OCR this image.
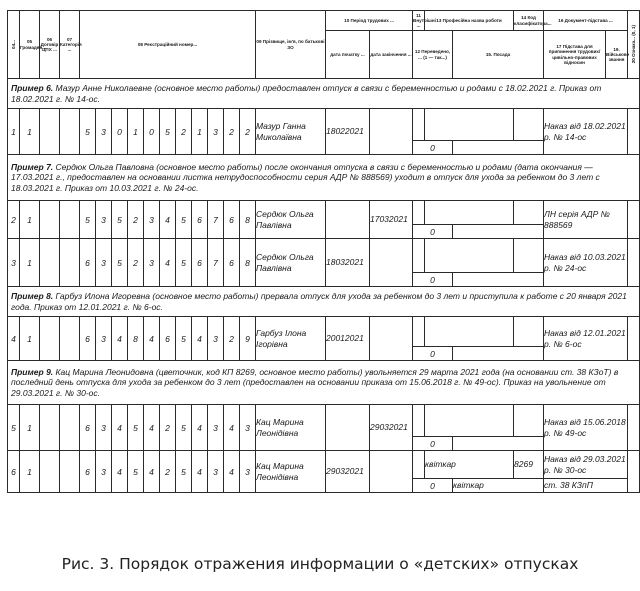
04...	05 Громадян...	06 Договір ЦПХ ...	07 Категорія ...	08 Реєстраційний номер...											09 Прізвище, ім'я, по батькові ЗО	10 Період трудових ...		11 Внутрішні ...	13 Професійна назва роботи		14 Код класифікатора...	16 Документ-підстава ...		20 Ознака... (0, 1)
																дата початку ...	дата закінчення ...	12 Переведено, ... (1 — так...)		15. Посада		17 Підстава для припинення трудових/цивільно-правових відносин	19. Військове звання	
Пример 6. Мазур Анне Николаевне (основное место работы) предоставлен отпуск в связи с беременностью и родами с 18.02.2021 г. Приказ от 18.02.2021 г. № 14-ос.																								
1	1			5	3	0	1	0	5	2	1	3	2	2	Мазур Ганна Миколаївна	18022021						Наказ від 18.02.2021 р. № 14-ос		
																		0						
Пример 7. Сердюк Ольга Павловна (основное место работы) после окончания отпуска в связи с беременностью и родами (дата окончания — 17.03.2021 г., предоставлен на основании листка нетрудоспособности серия АДР № 888569) уходит в отпуск для ухода за ребенком до 3 лет с 18.03.2021 г. Приказ от 10.03.2021 г. № 24-ос.																								
2	1			5	3	5	2	3	4	5	6	7	6	8	Сердюк Ольга Павлівна		17032021					ЛН серія АДР № 888569		
																		0						
3	1			6	3	5	2	3	4	5	6	7	6	8	Сердюк Ольга Павлівна	18032021						Наказ від 10.03.2021 р. № 24-ос		
																		0						
Пример 8. Гарбуз Илона Игоревна (основное место работы) прервала отпуск для ухода за ребенком до 3 лет и приступила к работе с 20 января 2021 года. Приказ от 12.01.2021 г. № 6-ос.																								
4	1			6	3	4	8	4	6	5	4	3	2	9	Гарбуз Ілона Ігорівна	20012021						Наказ від 12.01.2021 р. № 6-ос		
																		0						
Пример 9. Кац Марина Леонидовна (цветочник, код КП 8269, основное место работы) увольняется 29 марта 2021 года (на основании ст. 38 КЗоТ) в последний день отпуска для ухода за ребенком до 3 лет (предоставлен на основании приказа от 15.06.2018 г. № 49-ос). Приказ на увольнение от 29.03.2021 г. № 30-ос.																								
5	1			6	3	4	5	4	2	5	4	3	4	3	Кац Марина Леонідівна		29032021					Наказ від 15.06.2018 р. № 49-ос		
																		0						
6	1			6	3	4	5	4	2	5	4	3	4	3	Кац Марина Леонідівна	29032021			квіткар		8269	Наказ від 29.03.2021 р. № 30-ос		
																		0		квіткар		ст. 38 КЗпП		
Рис. 3. Порядок отражения информации о «детских» отпусках
